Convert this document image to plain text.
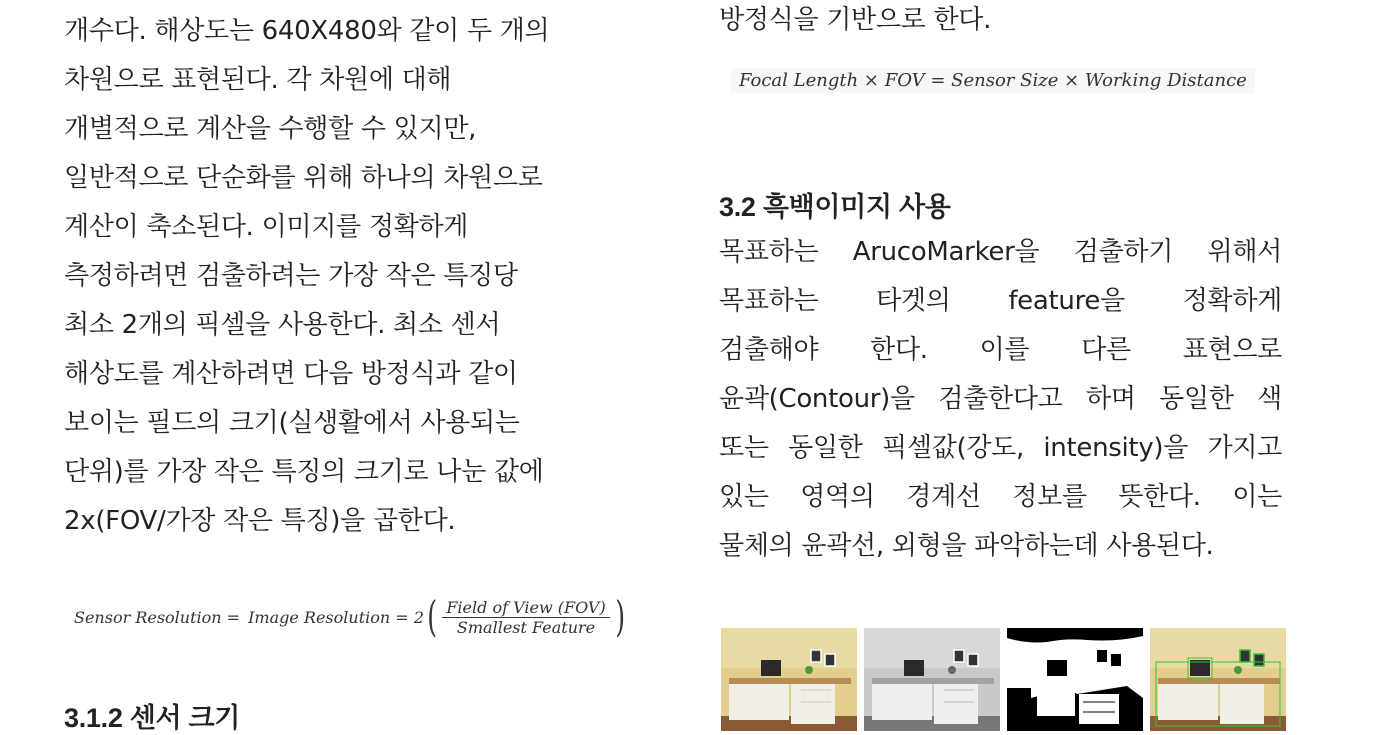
개수다. 해상도는 640X480와 같이 두 개의
차원으로 표현된다. 각 차원에 대해
개별적으로 계산을 수행할 수 있지만,
일반적으로 단순화를 위해 하나의 차원으로
계산이 축소된다. 이미지를 정확하게
측정하려면 검출하려는 가장 작은 특징당
최소 2개의 픽셀을 사용한다. 최소 센서
해상도를 계산하려면 다음 방정식과 같이
보이는 필드의 크기(실생활에서 사용되는
단위)를 가장 작은 특징의 크기로 나눈 값에
2x(FOV/가장 작은 특징)을 곱한다.
Sensor Resolution = Image Resolution = 2 ( $\frac{\text{Field of View (FOV)}}{\text{Smallest Feature}}$ )
3.1.2 센서 크기
방정식을 기반으로 한다.
Focal Length × FOV = Sensor Size × Working Distance
3.2 흑백이미지 사용
목표하는 ArucoMarker을 검출하기 위해서
목표하는 타겟의 feature을 정확하게
검출해야 한다. 이를 다른 표현으로
윤곽(Contour)을 검출한다고 하며 동일한 색
또는 동일한 픽셀값(강도, intensity)을 가지고
있는 영역의 경계선 정보를 뜻한다. 이는
물체의 윤곽선, 외형을 파악하는데 사용된다.
